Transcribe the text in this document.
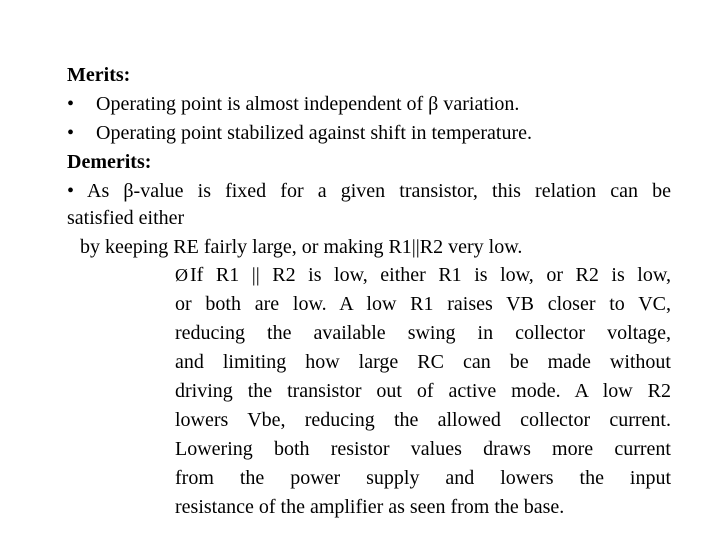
Merits:
• Operating point is almost independent of β variation.
• Operating point stabilized against shift in temperature.
Demerits:
• As β-value is fixed for a given transistor, this relation can be
satisfied either
by keeping RE fairly large, or making R1||R2 very low.
Ø If R1 || R2 is low, either R1 is low, or R2 is low,
or both are low. A low R1 raises VB closer to VC,
reducing the available swing in collector voltage,
and limiting how large RC can be made without
driving the transistor out of active mode. A low R2
lowers Vbe, reducing the allowed collector current.
Lowering both resistor values draws more current
from the power supply and lowers the input
resistance of the amplifier as seen from the base.
